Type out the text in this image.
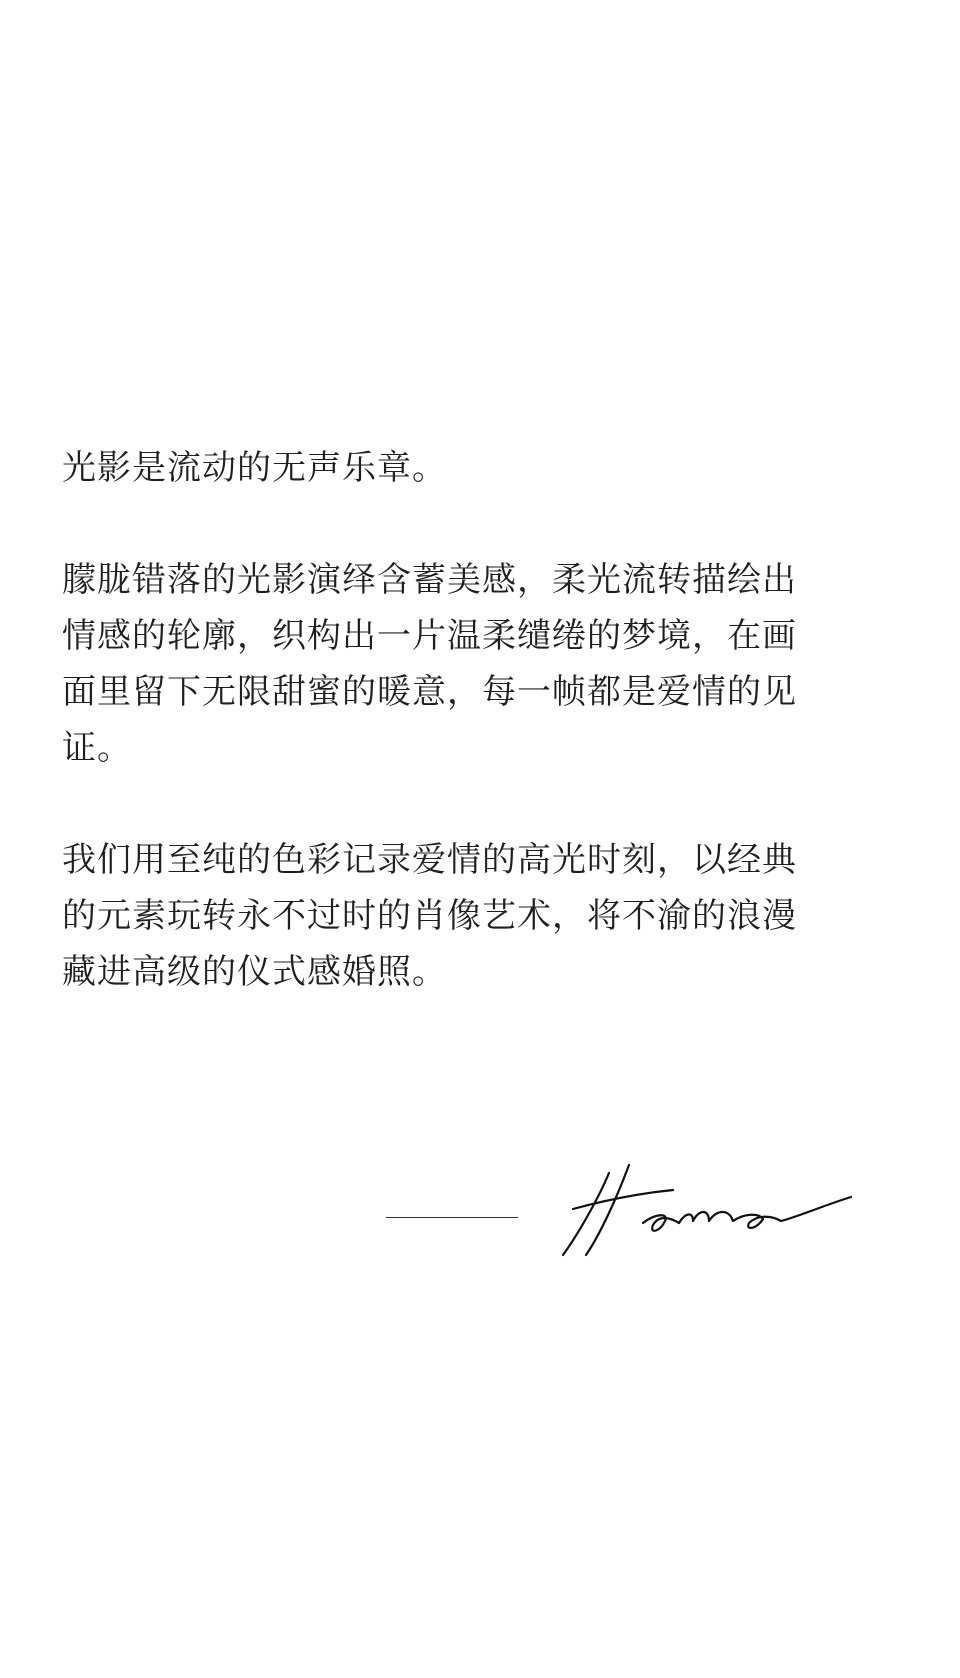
光影是流动的无声乐章。

朦胧错落的光影演绎含蓄美感，柔光流转描绘出
情感的轮廓，织构出一片温柔缱绻的梦境，在画
面里留下无限甜蜜的暖意，每一帧都是爱情的见
证。

我们用至纯的色彩记录爱情的高光时刻，以经典
的元素玩转永不过时的肖像艺术，将不渝的浪漫
藏进高级的仪式感婚照。
